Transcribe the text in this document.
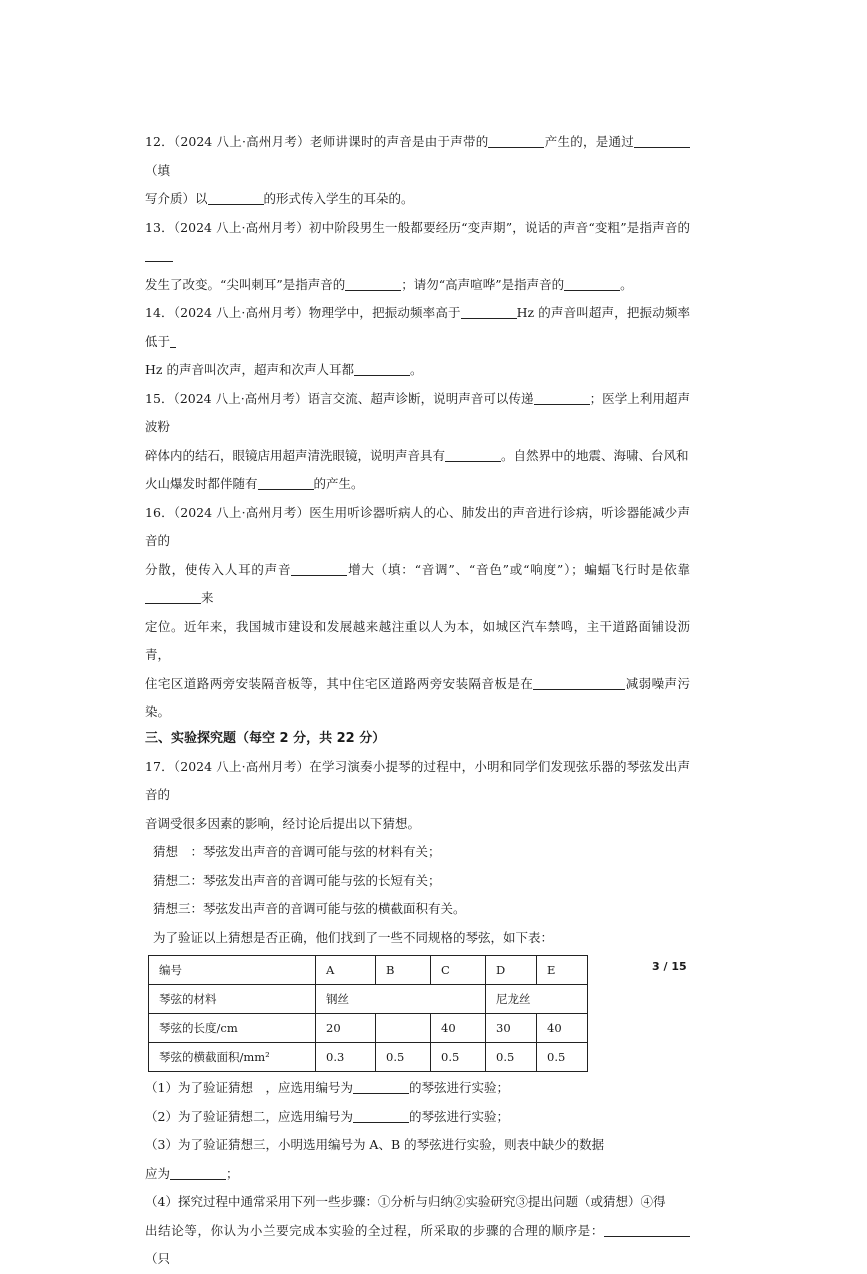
12．（2024 八上·高州月考）老师讲课时的声音是由于声带的	产生的，是通过（填
写介质）以	的形式传入学生的耳朵的。

13．（2024 八上·高州月考）初中阶段男生一般都要经历“变声期”，说话的声音“变粗”是指声音的
发生了改变。“尖叫刺耳”是指声音的	；请勿“高声喧哗”是指声音的	。

14．（2024 八上·高州月考）物理学中，把振动频率高于	Hz 的声音叫超声，把振动频率低于
Hz 的声音叫次声，超声和次声人耳都	。

15．（2024 八上·高州月考）语言交流、超声诊断，说明声音可以传递	；医学上利用超声波粉
碎体内的结石，眼镜店用超声清洗眼镜，说明声音具有	。自然界中的地震、海啸、台风和
火山爆发时都伴随有	的产生。

16．（2024 八上·高州月考）医生用听诊器听病人的心、肺发出的声音进行诊病，听诊器能减少声音的
分散，使传入人耳的声音	增大（填：“音调”、“音色”或“响度”）；蝙蝠飞行时是依靠来
定位。近年来，我国城市建设和发展越来越注重以人为本，如城区汽车禁鸣，主干道路面铺设沥青，
住宅区道路两旁安装隔音板等，其中住宅区道路两旁安装隔音板是在	减弱噪声污染。

三、实验探究题（每空 2 分，共 22 分）

17．（2024 八上·高州月考）在学习演奏小提琴的过程中，小明和同学们发现弦乐器的琴弦发出声音的
音调受很多因素的影响，经讨论后提出以下猜想。

猜想　：琴弦发出声音的音调可能与弦的材料有关；

猜想二：琴弦发出声音的音调可能与弦的长短有关；

猜想三：琴弦发出声音的音调可能与弦的横截面积有关。

为了验证以上猜想是否正确，他们找到了一些不同规格的琴弦，如下表：

编号	A	B	C	D	E
琴弦的材料	钢丝			尼龙丝	
琴弦的长度/cm	20		40	30	40
琴弦的横截面积/mm²	0.3	0.5	0.5	0.5	0.5

（1）为了验证猜想　，应选用编号为	的琴弦进行实验；

（2）为了验证猜想二，应选用编号为	的琴弦进行实验；

（3）为了验证猜想三，小明选用编号为 A、B 的琴弦进行实验，则表中缺少的数据
应为	；

（4）探究过程中通常采用下列一些步骤：①分析与归纳②实验研究③提出问题（或猜想）④得
出结论等，你认为小兰要完成本实验的全过程，所采取的步骤的合理的顺序是：（只

3 / 15
